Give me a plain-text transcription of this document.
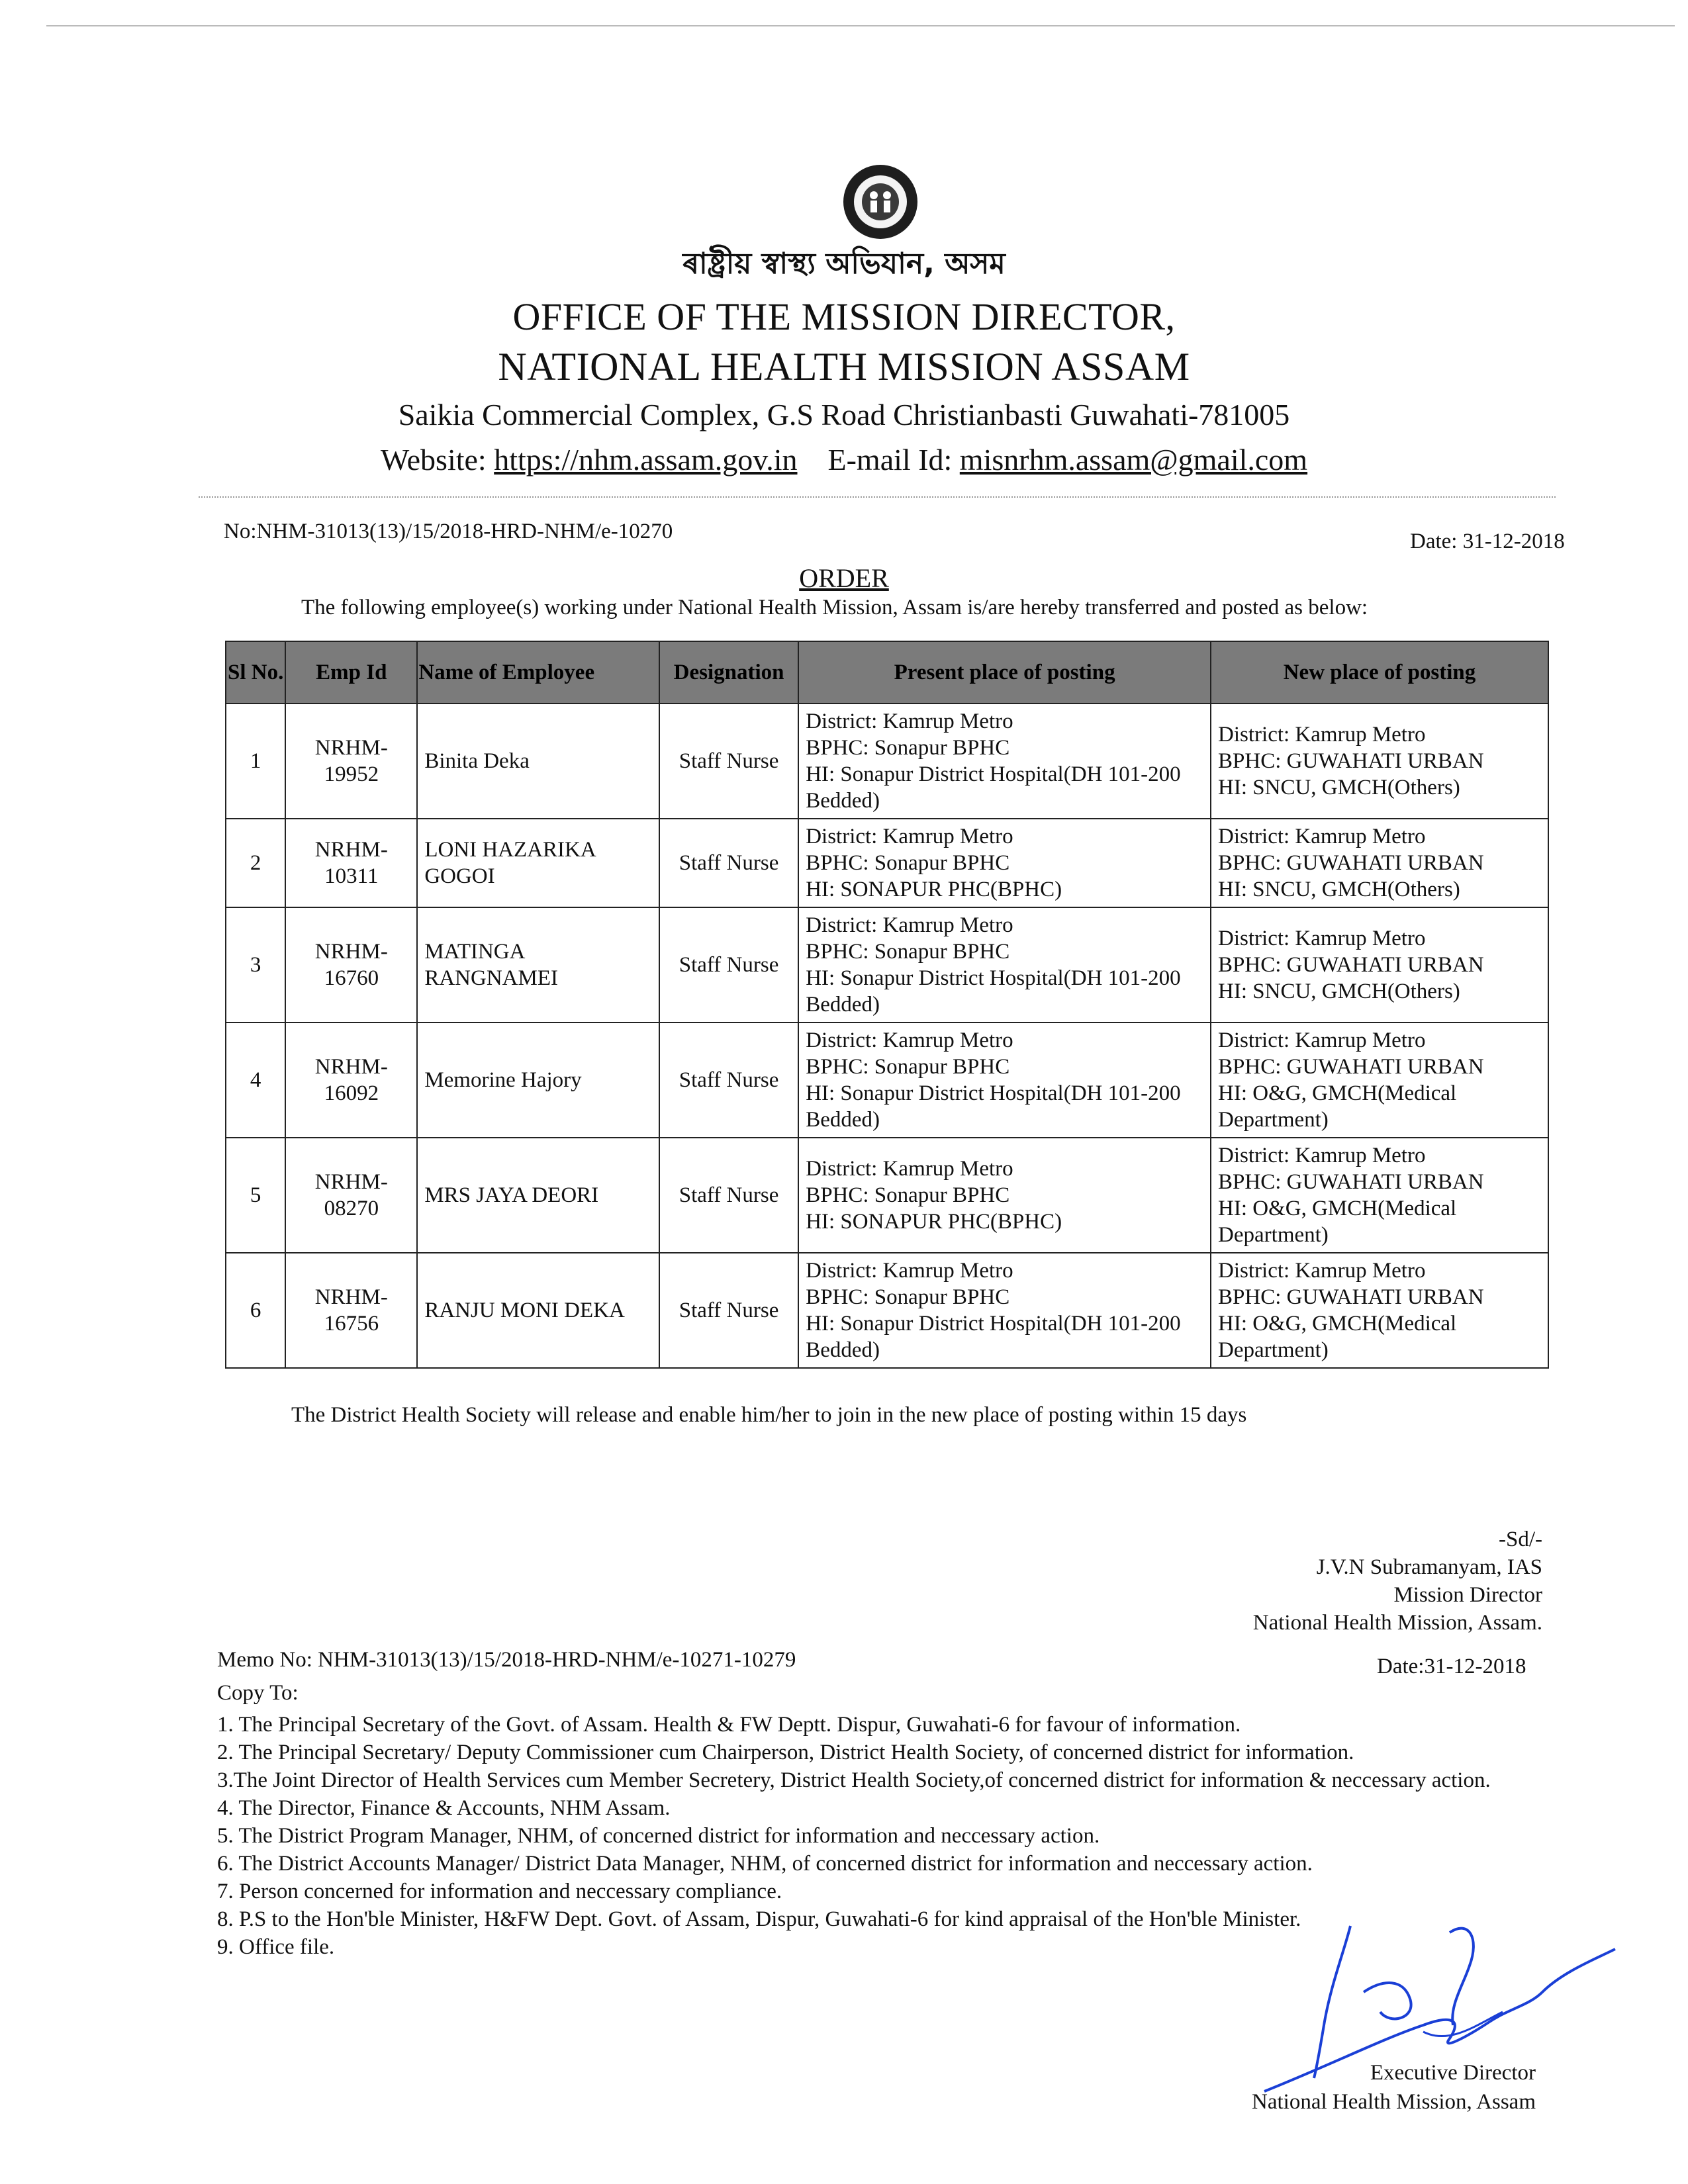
ৰাষ্ট্ৰীয় স্বাস্থ্য অভিযান, অসম
OFFICE OF THE MISSION DIRECTOR,
NATIONAL HEALTH MISSION ASSAM
Saikia Commercial Complex, G.S Road Christianbasti Guwahati-781005
Website: https://nhm.assam.gov.in E-mail Id: misnrhm.assam@gmail.com
No:NHM-31013(13)/15/2018-HRD-NHM/e-10270	Date: 31-12-2018
ORDER
The following employee(s) working under National Health Mission, Assam is/are hereby transferred and posted as below:
Sl No.	Emp Id	Name of Employee	Designation	Present place of posting	New place of posting
1	NRHM-19952	Binita Deka	Staff Nurse	District: Kamrup Metro
BPHC: Sonapur BPHC
HI: Sonapur District Hospital(DH 101-200 Bedded)	District: Kamrup Metro
BPHC: GUWAHATI URBAN
HI: SNCU, GMCH(Others)
2	NRHM-10311	LONI HAZARIKA GOGOI	Staff Nurse	District: Kamrup Metro
BPHC: Sonapur BPHC
HI: SONAPUR PHC(BPHC)	District: Kamrup Metro
BPHC: GUWAHATI URBAN
HI: SNCU, GMCH(Others)
3	NRHM-16760	MATINGA RANGNAMEI	Staff Nurse	District: Kamrup Metro
BPHC: Sonapur BPHC
HI: Sonapur District Hospital(DH 101-200 Bedded)	District: Kamrup Metro
BPHC: GUWAHATI URBAN
HI: SNCU, GMCH(Others)
4	NRHM-16092	Memorine Hajory	Staff Nurse	District: Kamrup Metro
BPHC: Sonapur BPHC
HI: Sonapur District Hospital(DH 101-200 Bedded)	District: Kamrup Metro
BPHC: GUWAHATI URBAN
HI: O&G, GMCH(Medical Department)
5	NRHM-08270	MRS JAYA DEORI	Staff Nurse	District: Kamrup Metro
BPHC: Sonapur BPHC
HI: SONAPUR PHC(BPHC)	District: Kamrup Metro
BPHC: GUWAHATI URBAN
HI: O&G, GMCH(Medical Department)
6	NRHM-16756	RANJU MONI DEKA	Staff Nurse	District: Kamrup Metro
BPHC: Sonapur BPHC
HI: Sonapur District Hospital(DH 101-200 Bedded)	District: Kamrup Metro
BPHC: GUWAHATI URBAN
HI: O&G, GMCH(Medical Department)
The District Health Society will release and enable him/her to join in the new place of posting within 15 days
-Sd/-
J.V.N Subramanyam, IAS
Mission Director
National Health Mission, Assam.
Memo No: NHM-31013(13)/15/2018-HRD-NHM/e-10271-10279	Date:31-12-2018
Copy To:
1. The Principal Secretary of the Govt. of Assam. Health & FW Deptt. Dispur, Guwahati-6 for favour of information.
2. The Principal Secretary/ Deputy Commissioner cum Chairperson, District Health Society, of concerned district for information.
3.The Joint Director of Health Services cum Member Secretery, District Health Society,of concerned district for information & neccessary action.
4. The Director, Finance & Accounts, NHM Assam.
5. The District Program Manager, NHM, of concerned district for information and neccessary action.
6. The District Accounts Manager/ District Data Manager, NHM, of concerned district for information and neccessary action.
7. Person concerned for information and neccessary compliance.
8. P.S to the Hon'ble Minister, H&FW Dept. Govt. of Assam, Dispur, Guwahati-6 for kind appraisal of the Hon'ble Minister.
9. Office file.
Executive Director
National Health Mission, Assam
